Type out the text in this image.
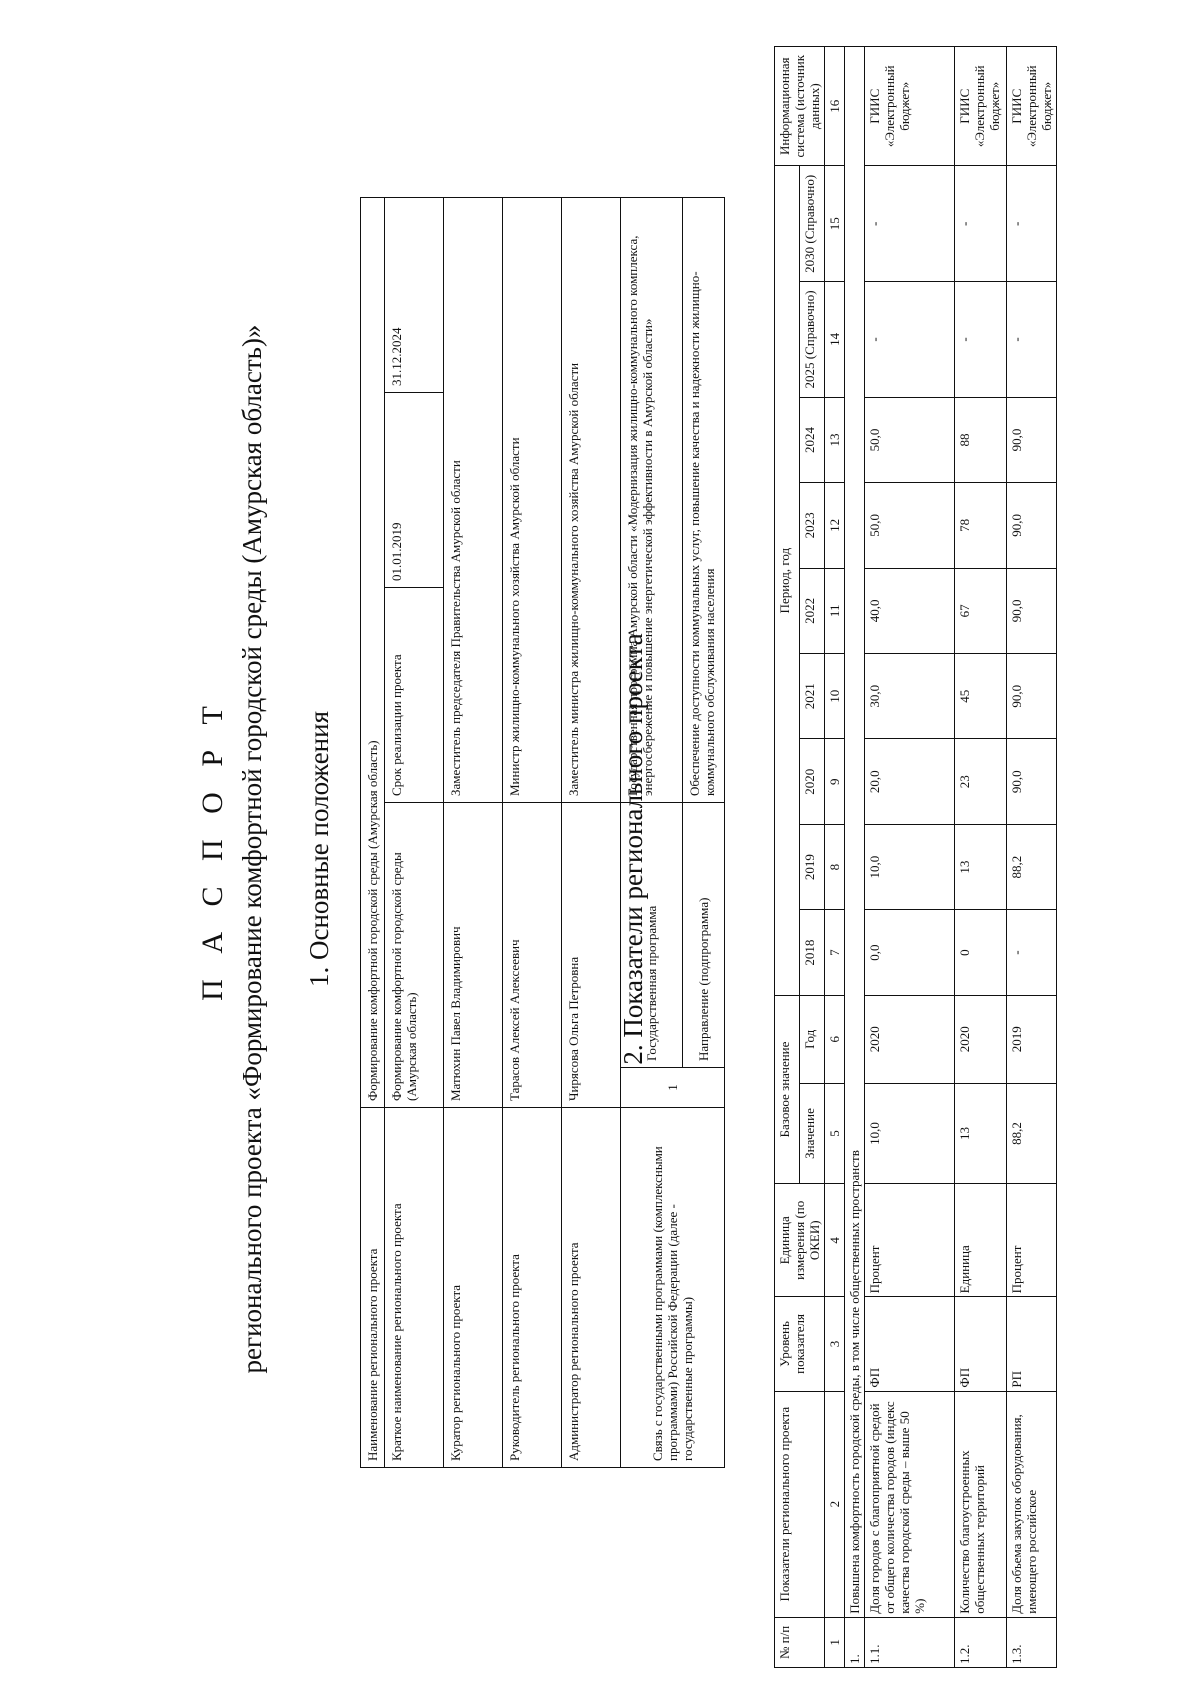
П А С П О Р Т регионального проекта «Формирование комфортной городской среды (Амурская область)» 1. Основные положения
Наименование регионального проекта	Формирование комфортной городской среды (Амурская область)				
Краткое наименование регионального проекта	Формирование комфортной городской среды (Амурская область)		Срок реализации проекта	01.01.2019	31.12.2024
Куратор регионального проекта	Матюхин Павел Владимирович		Заместитель председателя Правительства Амурской области		
Руководитель регионального проекта	Тарасов Алексей Алексеевич		Министр жилищно-коммунального хозяйства Амурской области		
Администратор регионального проекта	Чирясова Ольга Петровна		Заместитель министра жилищно-коммунального хозяйства Амурской области		
Связь с государственными программами (комплексными программами) Российской Федерации (далее - государственные программы)	1	Государственная программа	Государственная программа Амурской области «Модернизация жилищно-коммунального комплекса, энергосбережение и повышение энергетической эффективности в Амурской области»		
		Направление (подпрограмма)	Обеспечение доступности коммунальных услуг, повышение качества и надежности жилищно-коммунального обслуживания населения		
2. Показатели регионального проекта
№ п/п	Показатели регионального проекта	Уровень показателя	Единица измерения (по ОКЕИ)	Базовое значение		Период, год									Информационная система (источник данных)
				Значение	Год	2018	2019	2020	2021	2022	2023	2024	2025 (Справочно)	2030 (Справочно)	
1	2	3	4	5	6	7	8	9	10	11	12	13	14	15	16
1.	Повышена комфортность городской среды, в том числе общественных пространств														
1.1.	Доля городов с благоприятной средой от общего количества городов (индекс качества городской среды – выше 50 %)	ФП	Процент	10,0	2020	0,0	10,0	20,0	30,0	40,0	50,0	50,0	-	-	ГИИС «Электронный бюджет»
1.2.	Количество благоустроенных общественных территорий	ФП	Единица	13	2020	0	13	23	45	67	78	88	-	-	ГИИС «Электронный бюджет»
1.3.	Доля объема закупок оборудования, имеющего российское	РП	Процент	88,2	2019	-	88,2	90,0	90,0	90,0	90,0	90,0	-	-	ГИИС «Электронный бюджет»
